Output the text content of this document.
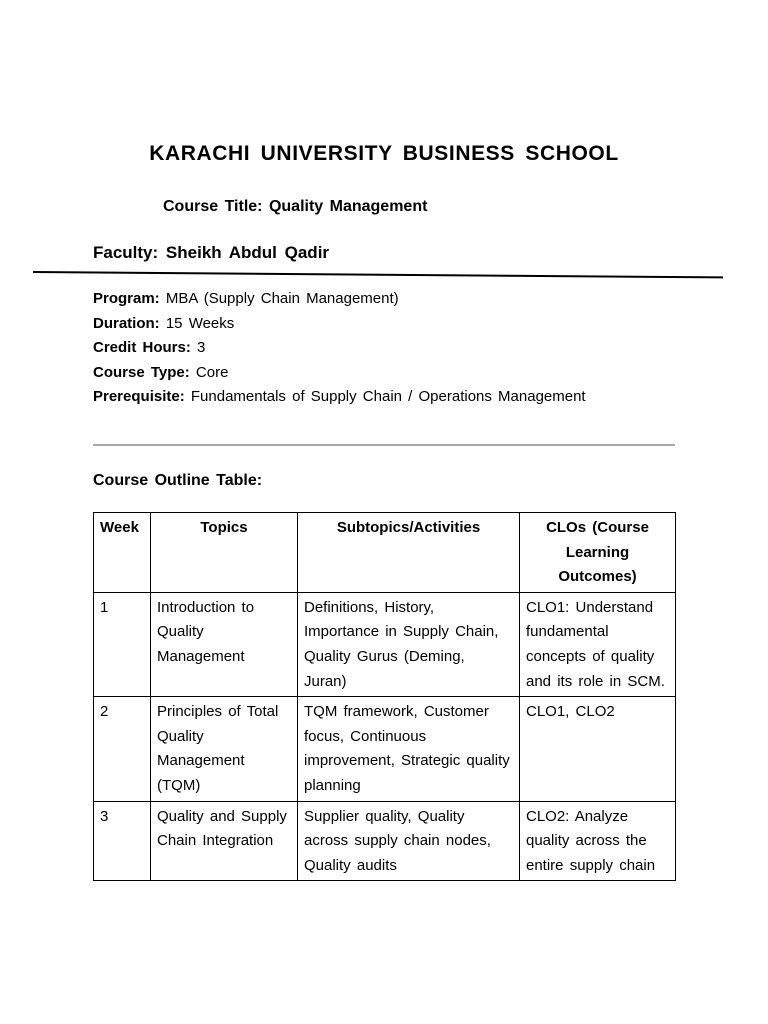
KARACHI UNIVERSITY BUSINESS SCHOOL
Course Title: Quality Management
Faculty: Sheikh Abdul Qadir
Program: MBA (Supply Chain Management)
Duration: 15 Weeks
Credit Hours: 3
Course Type: Core
Prerequisite: Fundamentals of Supply Chain / Operations Management
Course Outline Table:
Week	Topics	Subtopics/Activities	CLOs (Course Learning Outcomes)
1	Introduction to Quality Management	Definitions, History, Importance in Supply Chain, Quality Gurus (Deming, Juran)	CLO1: Understand fundamental concepts of quality and its role in SCM.
2	Principles of Total Quality Management (TQM)	TQM framework, Customer focus, Continuous improvement, Strategic quality planning	CLO1, CLO2
3	Quality and Supply Chain Integration	Supplier quality, Quality across supply chain nodes, Quality audits	CLO2: Analyze quality across the entire supply chain
